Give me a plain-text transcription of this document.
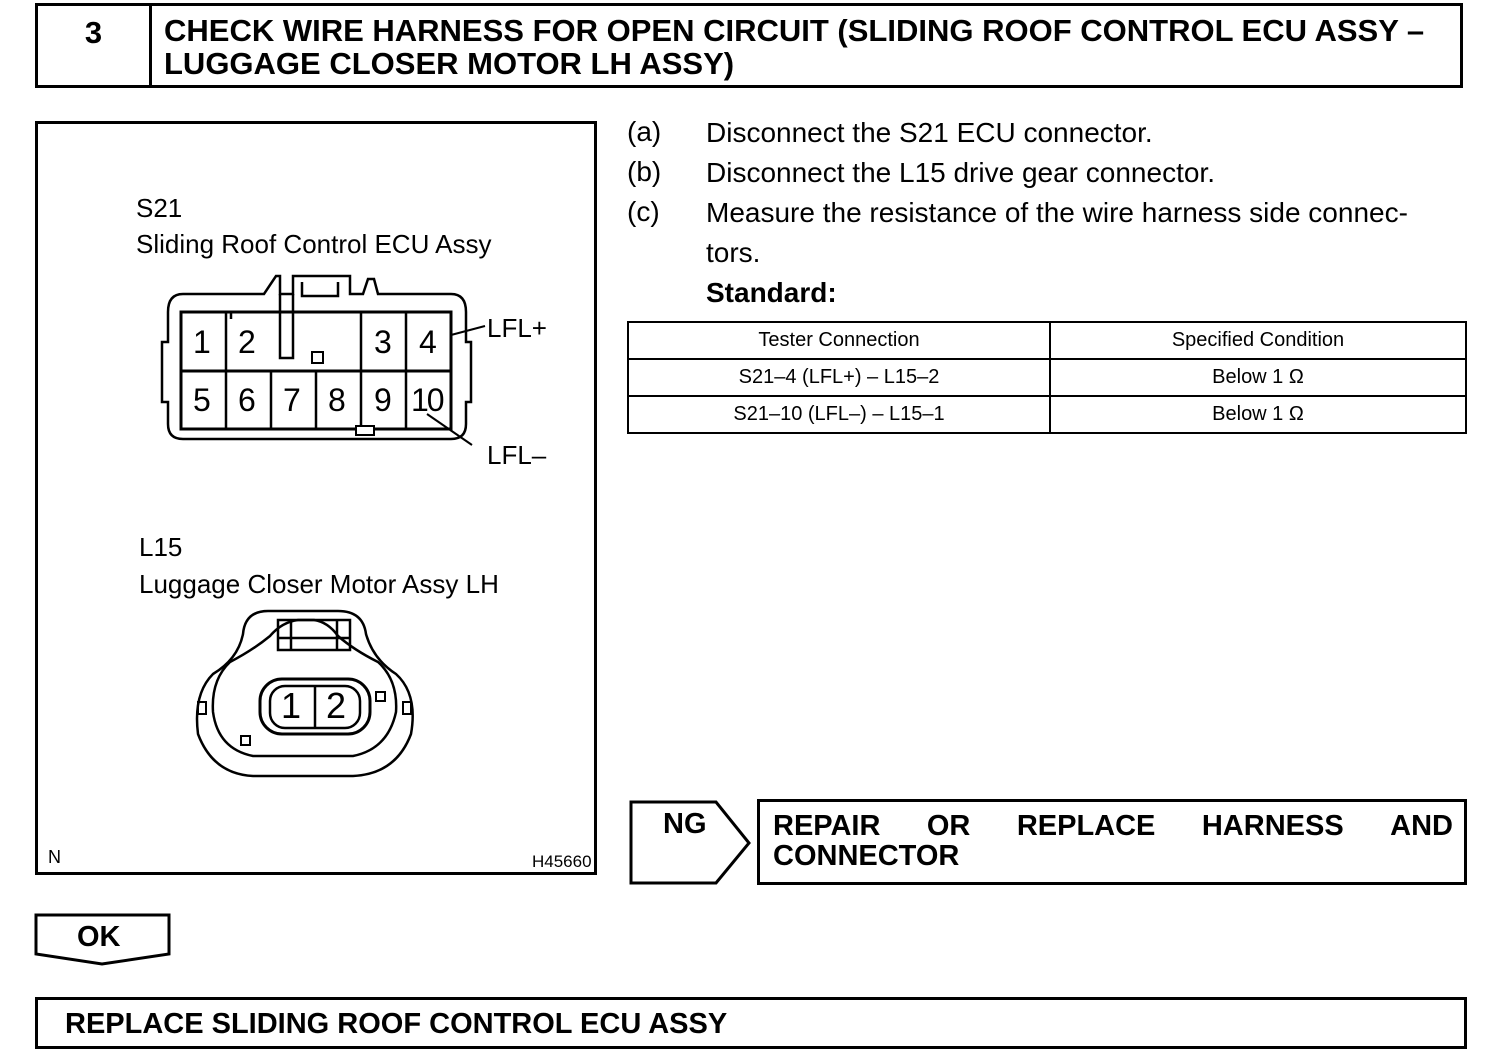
3	CHECK WIRE HARNESS FOR OPEN CIRCUIT (SLIDING ROOF CONTROL ECU ASSY – LUGGAGE CLOSER MOTOR LH ASSY)
S21
Sliding Roof Control ECU Assy
1 2	3 4
5 6 7 8 9 10
LFL+
LFL–
L15
Luggage Closer Motor Assy LH
1 2
N	H45660
(a) Disconnect the S21 ECU connector.
(b) Disconnect the L15 drive gear connector.
(c) Measure the resistance of the wire harness side connec-
tors.
Standard:
Tester Connection	Specified Condition
S21–4 (LFL+) – L15–2	Below 1 Ω
S21–10 (LFL–) – L15–1	Below 1 Ω
NG REPAIR OR REPLACE HARNESS AND
CONNECTOR
OK
REPLACE SLIDING ROOF CONTROL ECU ASSY
